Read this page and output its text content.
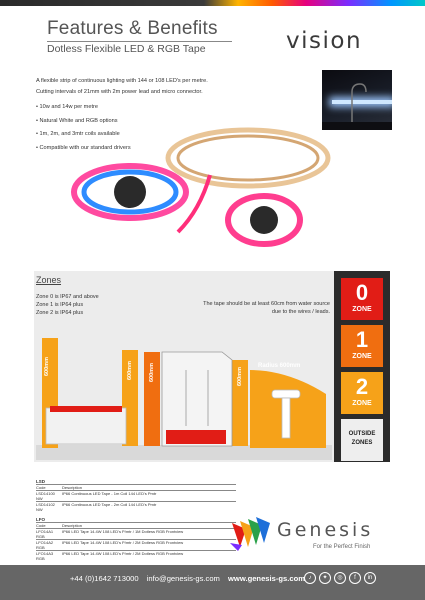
Features & Benefits
Dotless Flexible LED & RGB Tape	vision

A flexible strip of continuous lighting with 144 or 108 LED's per metre.

Cutting intervals of 21mm with 2m power lead and micro connector.

• 10w and 14w per metre
• Natural White and RGB options
• 1m, 2m, and 3mtr coils available
• Compatible with our standard drivers
Zones
Zone 0 is IP67 and above
Zone 1 is IP64 plus
Zone 2 is IP64 plus
The tape should be at least 60cm from water source due to the wires / leads.
600mm	600mm	600mm	600mm
Radius 600mm
0
ZONE
1
ZONE
2
ZONE
OUTSIDE ZONES
LSD
Code	Description
LSD14100 NW
IP66 Continuous LED Tape - 1m Coil 144 LED's Pmtr
LSD14102 NW
IP66 Continuous LED Tape - 2m Coil 144 LED's Pmtr
LFO
Code	Description
LFO14A1 RGB
IP66 LED Tape 14.4W 108 LED's P/mtr / 1M Dotless RGB Frontview
LFO14A2 RGB
IP66 LED Tape 14.4W 108 LED's P/mtr / 2M Dotless RGB Frontview
LFO14A3 RGB
IP66 LED Tape 14.4W 108 LED's P/mtr / 2M Dotless RGB Frontview
Genesis
For the Perfect Finish
+44 (0)1642 713000 info@genesis-gs.com www.genesis-gs.com ♪	✦	◎	f	in
